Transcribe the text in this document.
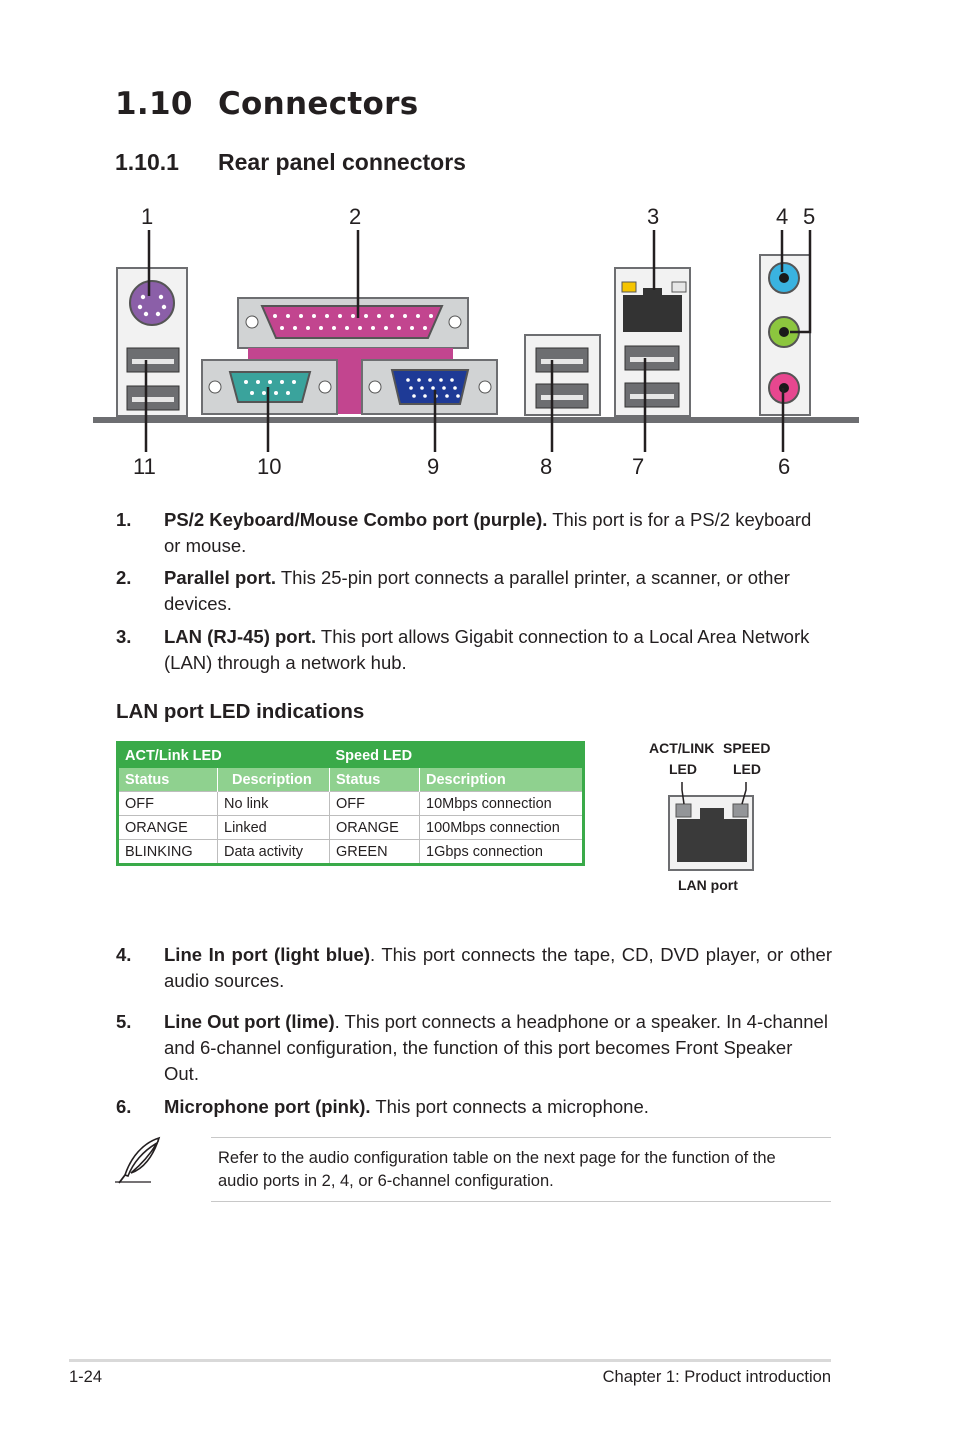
1.10 Connectors
1.10.1 Rear panel connectors
1	2	3	4 5
11	10	9	8	7	6
1. PS/2 Keyboard/Mouse Combo port (purple). This port is for a PS/2 keyboard or mouse.
2. Parallel port. This 25-pin port connects a parallel printer, a scanner, or other devices.
3. LAN (RJ-45) port. This port allows Gigabit connection to a Local Area Network (LAN) through a network hub.
LAN port LED indications
ACT/Link LED		Speed LED	
Status	Description	Status	Description
OFF	No link	OFF	10Mbps connection
ORANGE	Linked	ORANGE	100Mbps connection
BLINKING	Data activity	GREEN	1Gbps connection
ACT/LINK SPEED
LED	LED
LAN port
4. Line In port (light blue). This port connects the tape, CD, DVD player, or other audio sources.
5. Line Out port (lime). This port connects a headphone or a speaker. In 4-channel and 6-channel configuration, the function of this port becomes Front Speaker Out.
6. Microphone port (pink). This port connects a microphone.
Refer to the audio configuration table on the next page for the function of the audio ports in 2, 4, or 6-channel configuration.
1-24	Chapter 1: Product introduction
